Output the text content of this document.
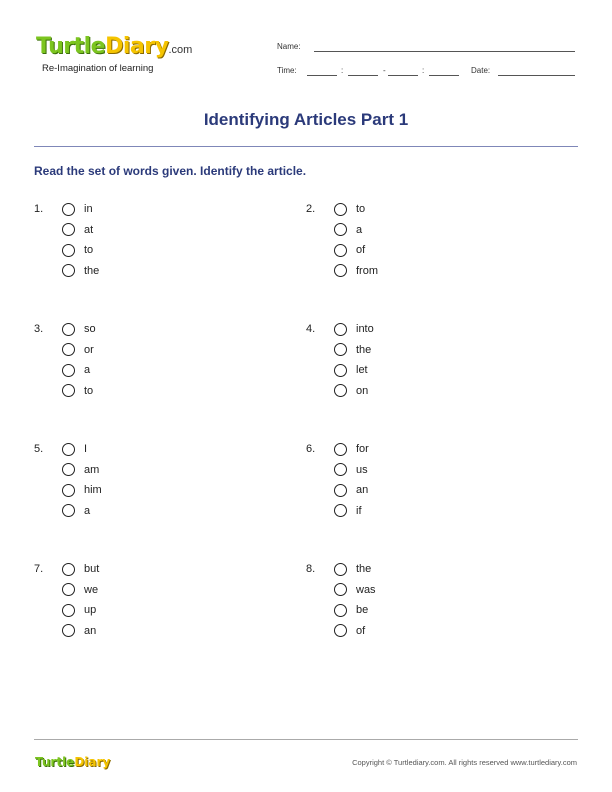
TurtleDiary.com
Re-Imagination of learning
Name:
Time:	:	-	:	Date:
Identifying Articles Part 1
Read the set of words given. Identify the article.
1.	in
at
to
the
2.	to
a
of
from
3.	so
or
a
to
4.	into
the
let
on
5.	I
am
him
a
6.	for
us
an
if
7.	but
we
up
an
8.	the
was
be
of
TurtleDiary	Copyright © Turtlediary.com. All rights reserved www.turtlediary.com
